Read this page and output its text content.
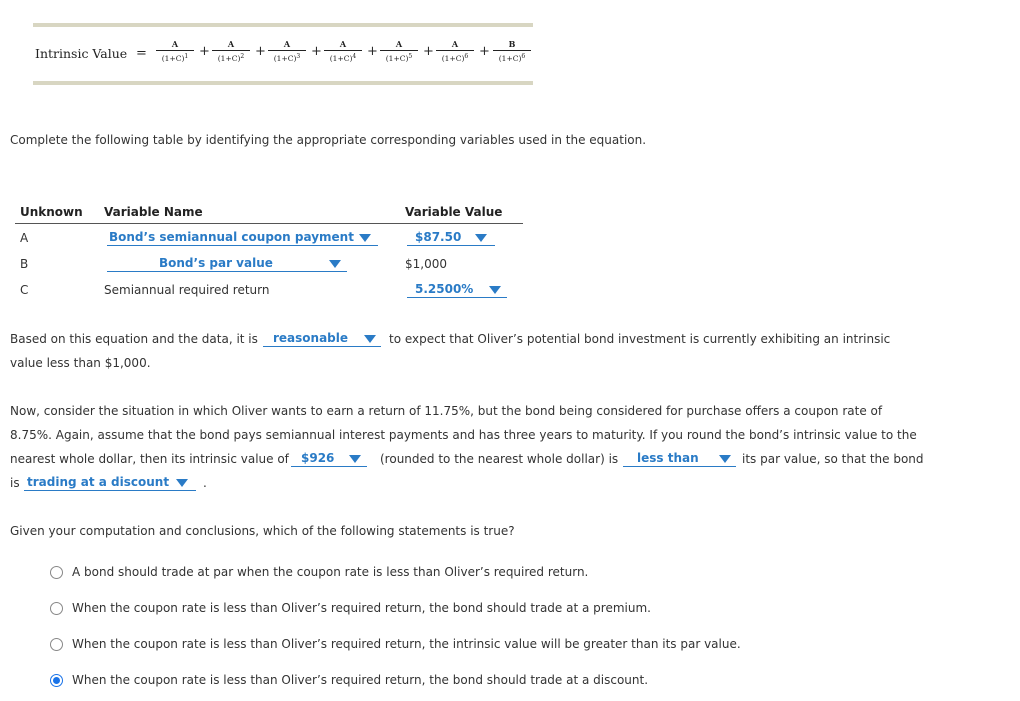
Intrinsic Value =
A
$(1+C)^1$ +	A
$(1+C)^2$ +	A
$(1+C)^3$ +	A
$(1+C)^4$ +	A
$(1+C)^5$ +	A
$(1+C)^6$ +	B
$(1+C)^6$
Complete the following table by identifying the appropriate corresponding variables used in the equation.
Unknown Variable Name	Variable Value
A	Bond’s semiannual coupon payment	$87.50
B	Bond’s par value	$1,000
C	Semiannual required return	5.2500%
Based on this equation and the data, it is reasonable	to expect that Oliver’s potential bond investment is currently exhibiting an intrinsic
value less than $1,000.
Now, consider the situation in which Oliver wants to earn a return of 11.75%, but the bond being considered for purchase offers a coupon rate of
8.75%. Again, assume that the bond pays semiannual interest payments and has three years to maturity. If you round the bond’s intrinsic value to the
nearest whole dollar, then its intrinsic value of $926	(rounded to the nearest whole dollar) is less than	its par value, so that the bond
is trading at a discount	.
Given your computation and conclusions, which of the following statements is true?
A bond should trade at par when the coupon rate is less than Oliver’s required return.
When the coupon rate is less than Oliver’s required return, the bond should trade at a premium.
When the coupon rate is less than Oliver’s required return, the intrinsic value will be greater than its par value.
When the coupon rate is less than Oliver’s required return, the bond should trade at a discount.
